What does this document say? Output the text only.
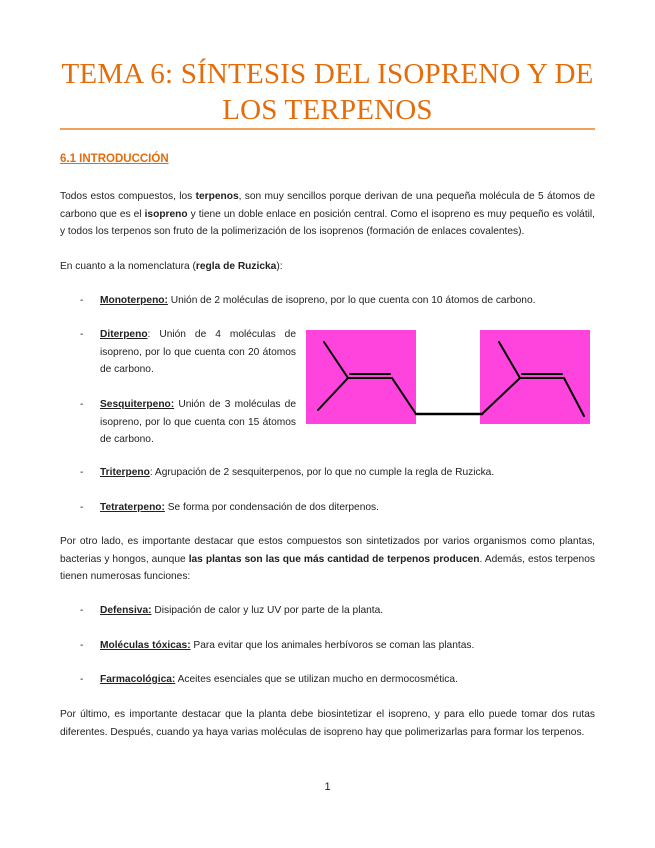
TEMA 6: SÍNTESIS DEL ISOPRENO Y DE
LOS TERPENOS
6.1 INTRODUCCIÓN
Todos estos compuestos, los terpenos, son muy sencillos porque derivan de una pequeña molécula de 5 átomos de carbono que es el isopreno y tiene un doble enlace en posición central. Como el isopreno es muy pequeño es volátil, y todos los terpenos son fruto de la polimerización de los isoprenos (formación de enlaces covalentes).
En cuanto a la nomenclatura (regla de Ruzicka):
- Monoterpeno: Unión de 2 moléculas de isopreno, por lo que cuenta con 10 átomos de carbono.
- Diterpeno: Unión de 4 moléculas de isopreno, por lo que cuenta con 20 átomos de carbono.
- Sesquiterpeno: Unión de 3 moléculas de isopreno, por lo que cuenta con 15 átomos de carbono.
- Triterpeno: Agrupación de 2 sesquiterpenos, por lo que no cumple la regla de Ruzicka.
- Tetraterpeno: Se forma por condensación de dos diterpenos.
Por otro lado, es importante destacar que estos compuestos son sintetizados por varios organismos como plantas, bacterias y hongos, aunque las plantas son las que más cantidad de terpenos producen. Además, estos terpenos tienen numerosas funciones:
- Defensiva: Disipación de calor y luz UV por parte de la planta.
- Moléculas tóxicas: Para evitar que los animales herbívoros se coman las plantas.
- Farmacológica: Aceites esenciales que se utilizan mucho en dermocosmética.
Por último, es importante destacar que la planta debe biosintetizar el isopreno, y para ello puede tomar dos rutas diferentes. Después, cuando ya haya varias moléculas de isopreno hay que polimerizarlas para formar los terpenos.
1
